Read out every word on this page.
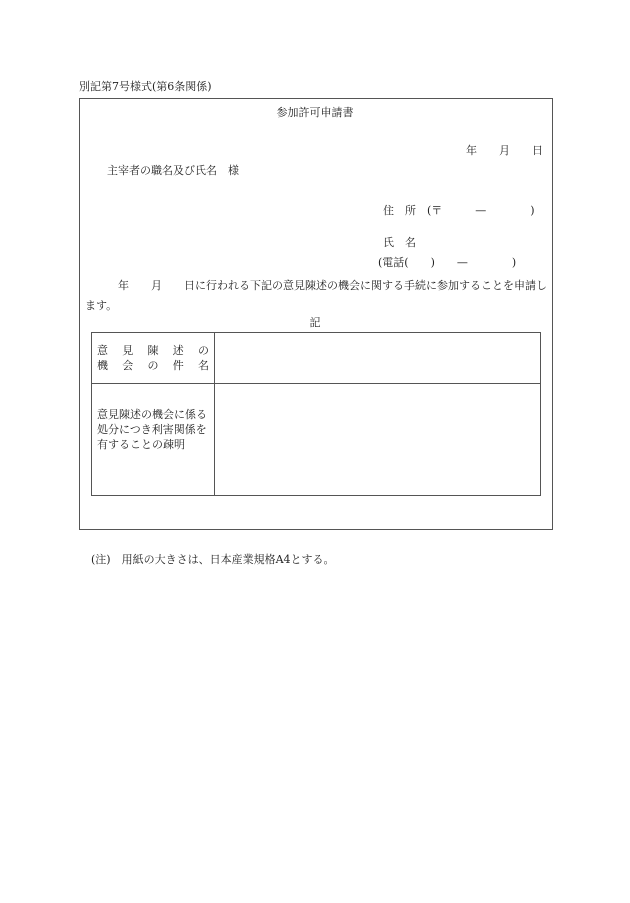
別記第7号様式(第6条関係)
参加許可申請書
年　　月　　日
主宰者の職名及び氏名　様
住　所　(〒　　　—　　　　)
氏　名
(電話(　　)　　—　　　　)
　　　年　　月　　日に行われる下記の意見陳述の機会に関する手続に参加することを申請します。
記
意見陳述の
機会の件名
意見陳述の機会に係る処分につき利害関係を有することの疎明
(注)　用紙の大きさは、日本産業規格A4とする。
